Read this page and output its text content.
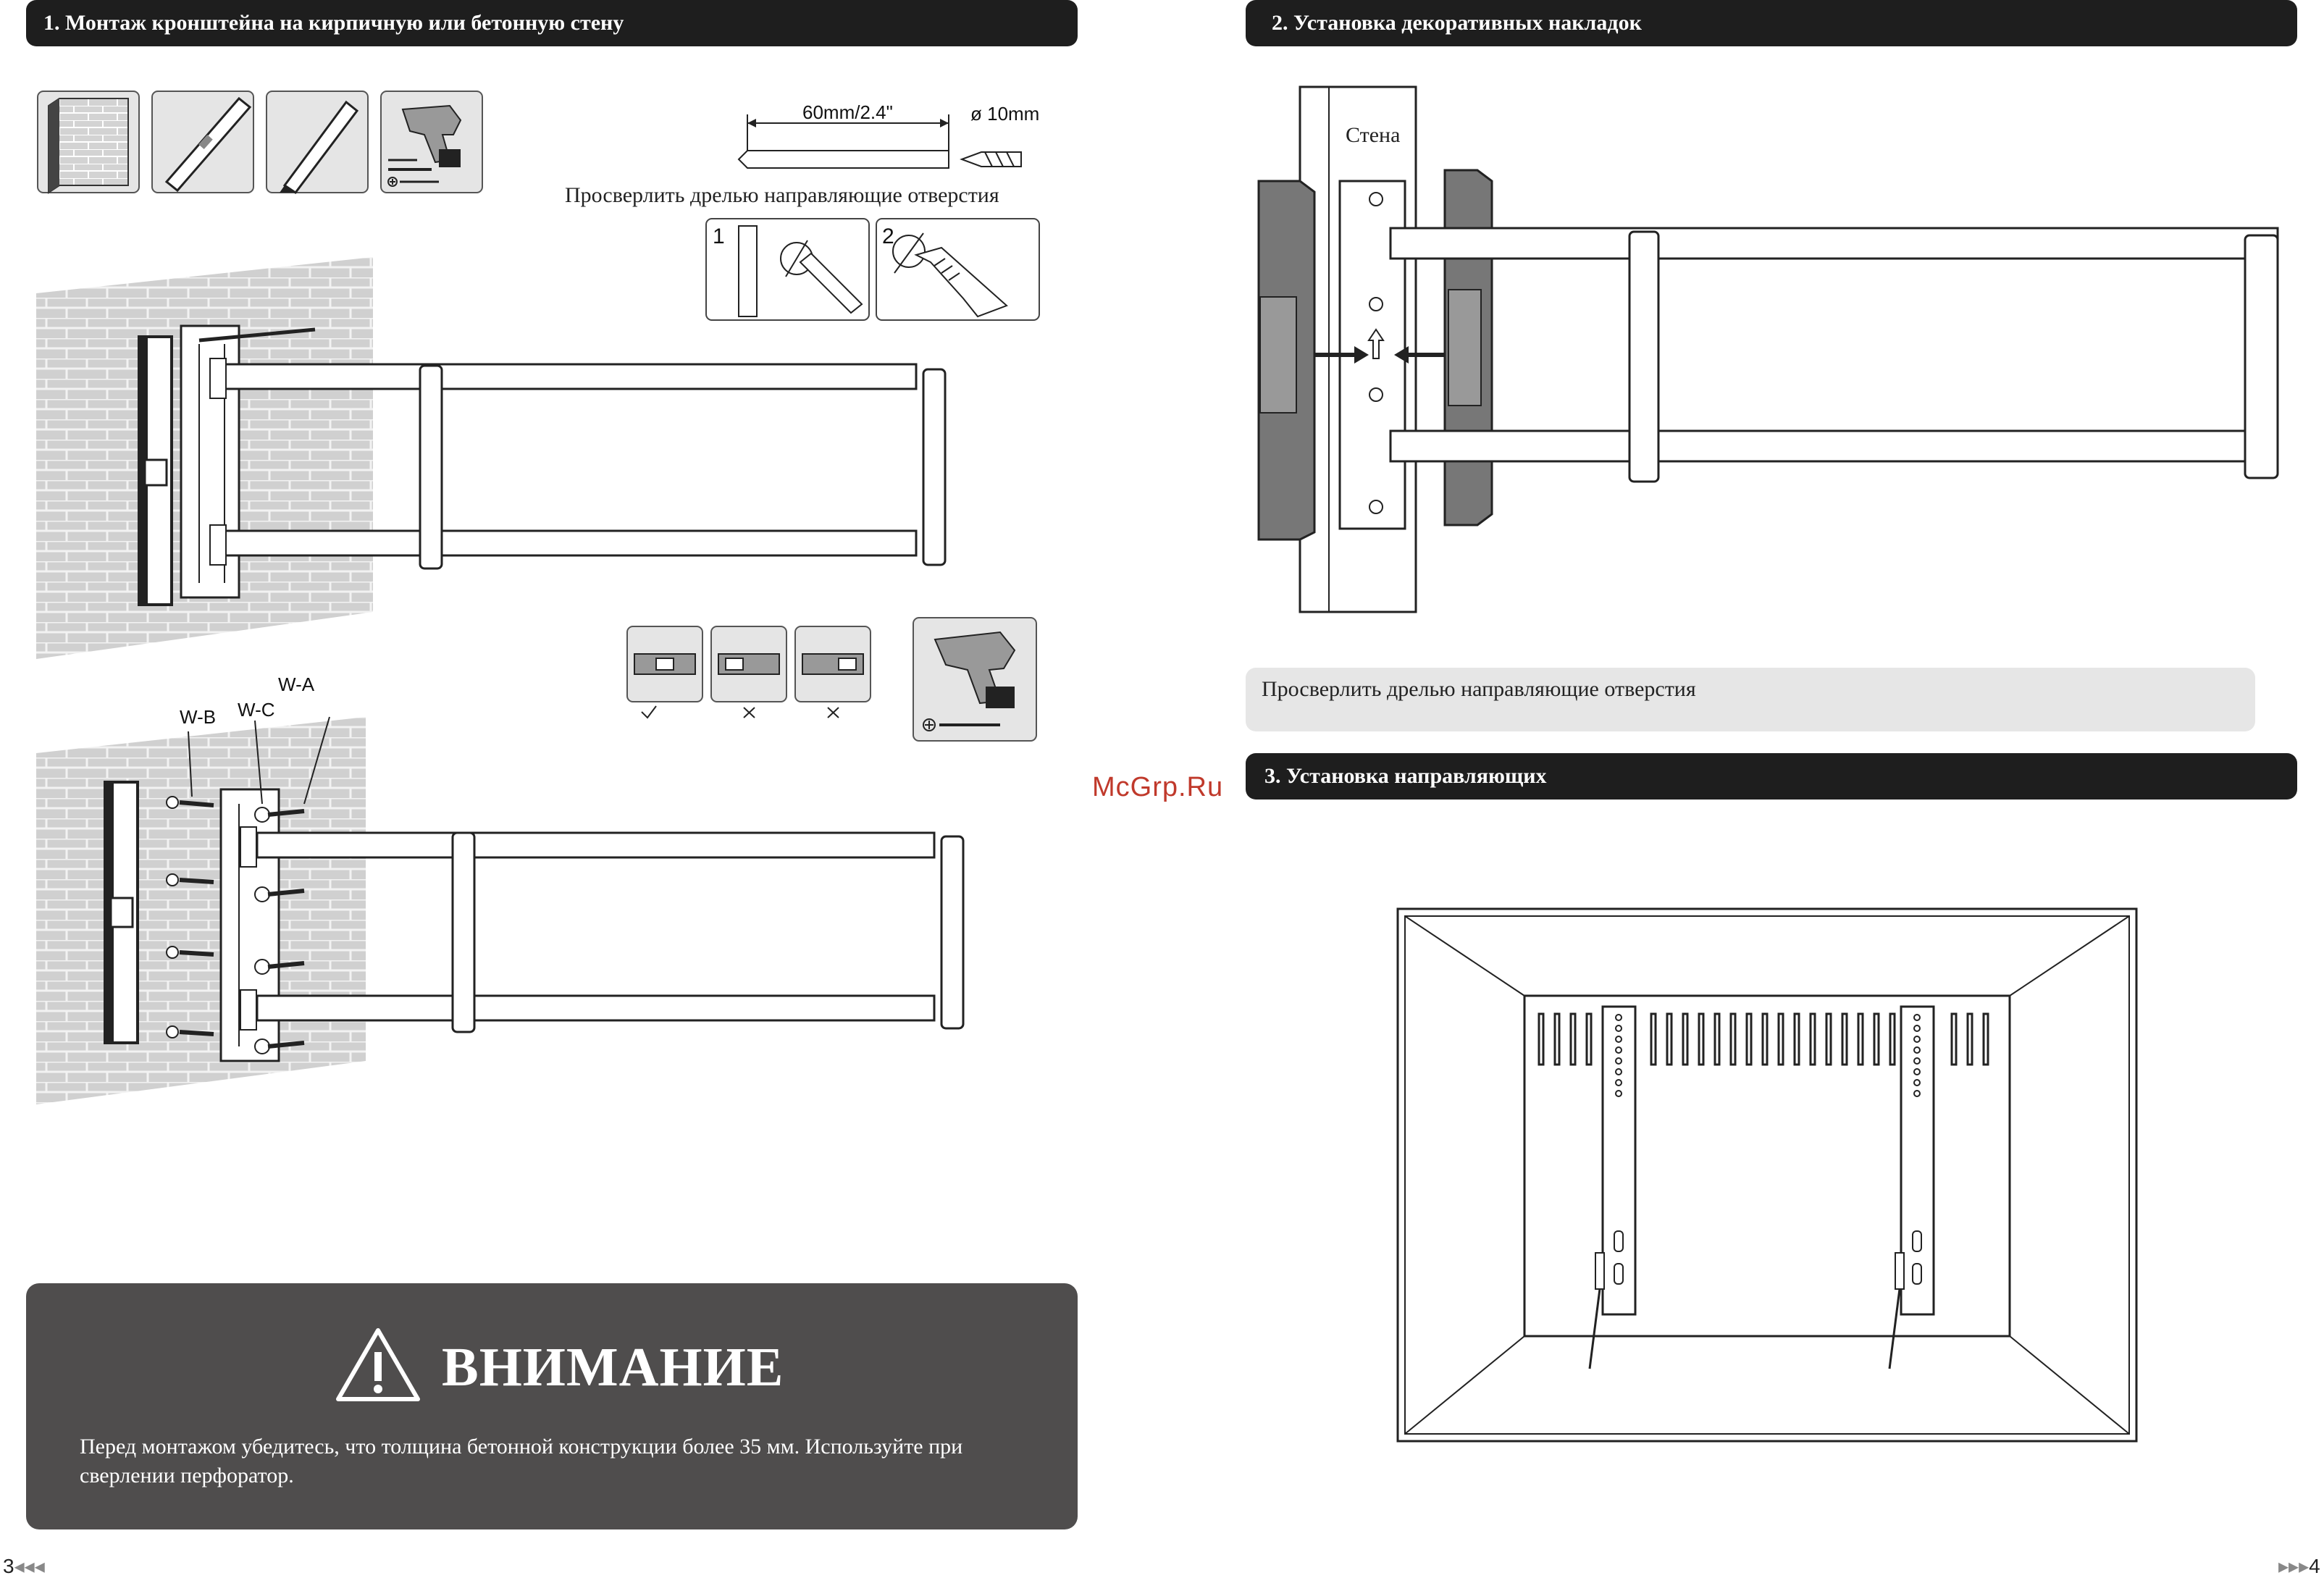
1. Монтаж кронштейна на кирпичную или бетонную стену	2. Установка декоративных накладок
3. Установка направляющих
60mm/2.4"	ø 10mm
Просверлить дрелью направляющие отверстия
1	2
W-A
W-B W-C
ВНИМАНИЕ
Перед монтажом убедитесь, что толщина бетонной конструкции более 35 мм. Используйте при сверлении перфоратор.
Стена
Просверлить дрелью направляющие отверстия
McGrp.Ru
3◂◂◂	▸▸▸4
